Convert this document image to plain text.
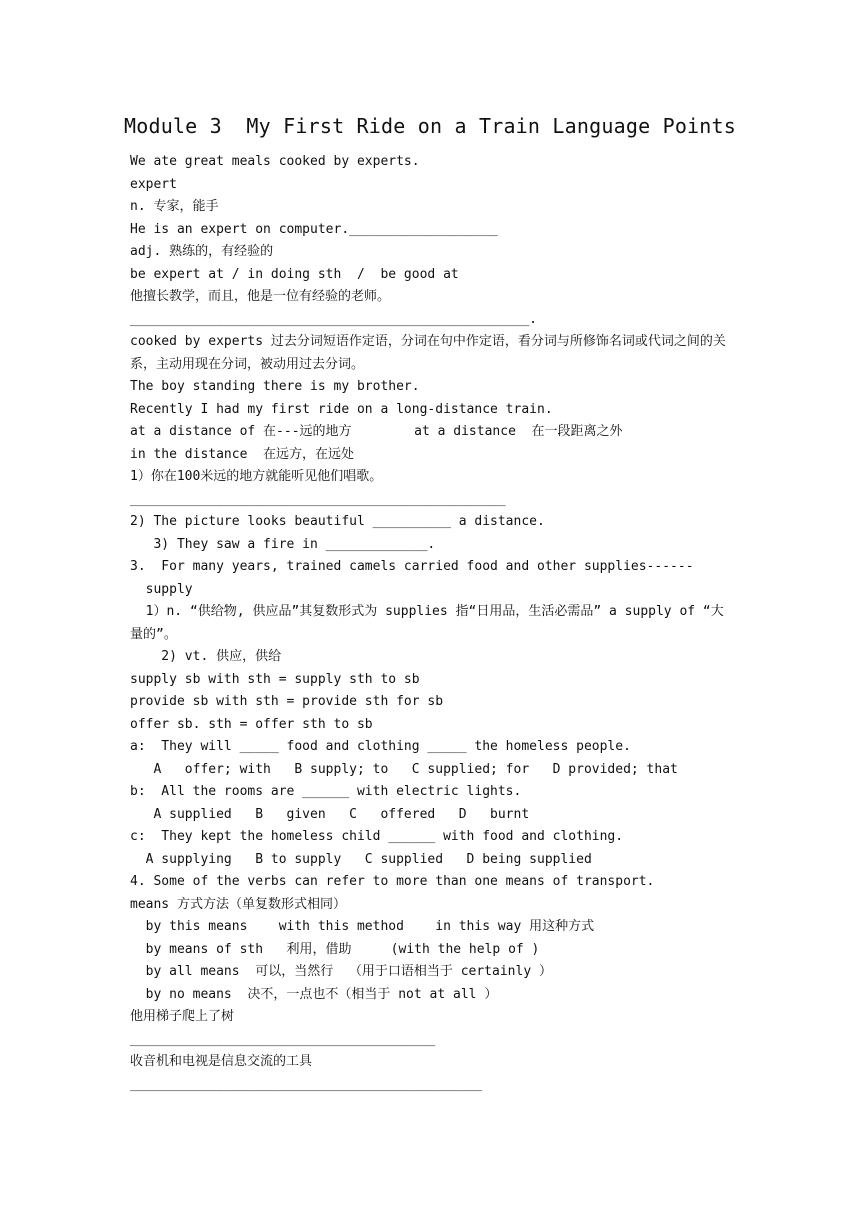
Module 3  My First Ride on a Train Language Points
We ate great meals cooked by experts.
expert
n. 专家，能手
He is an expert on computer.___________________
adj. 熟练的，有经验的
be expert at / in doing sth  /  be good at
他擅长教学，而且，他是一位有经验的老师。
___________________________________________________.
cooked by experts 过去分词短语作定语，分词在句中作定语，看分词与所修饰名词或代词之间的关系，主动用现在分词，被动用过去分词。
The boy standing there is my brother.
Recently I had my first ride on a long-distance train.
at a distance of 在---远的地方        at a distance  在一段距离之外
in the distance  在远方，在远处
1）你在100米远的地方就能听见他们唱歌。
________________________________________________
2) The picture looks beautiful __________ a distance.
3) They saw a fire in _____________.
3.  For many years, trained camels carried food and other supplies------
supply
1）n. “供给物, 供应品”其复数形式为 supplies 指“日用品，生活必需品” a supply of “大量的”。
2) vt. 供应，供给
supply sb with sth = supply sth to sb
provide sb with sth = provide sth for sb
offer sb. sth = offer sth to sb
a:  They will _____ food and clothing _____ the homeless people.
A   offer; with   B supply; to   C supplied; for   D provided; that
b:  All the rooms are ______ with electric lights.
A supplied   B   given   C   offered   D   burnt
c:  They kept the homeless child ______ with food and clothing.
A supplying   B to supply   C supplied   D being supplied
4. Some of the verbs can refer to more than one means of transport.
means 方式方法（单复数形式相同）
by this means    with this method    in this way 用这种方式
by means of sth   利用，借助     (with the help of )
by all means  可以，当然行  （用于口语相当于 certainly ）
by no means  决不，一点也不（相当于 not at all ）
他用梯子爬上了树
_______________________________________
收音机和电视是信息交流的工具
_____________________________________________
